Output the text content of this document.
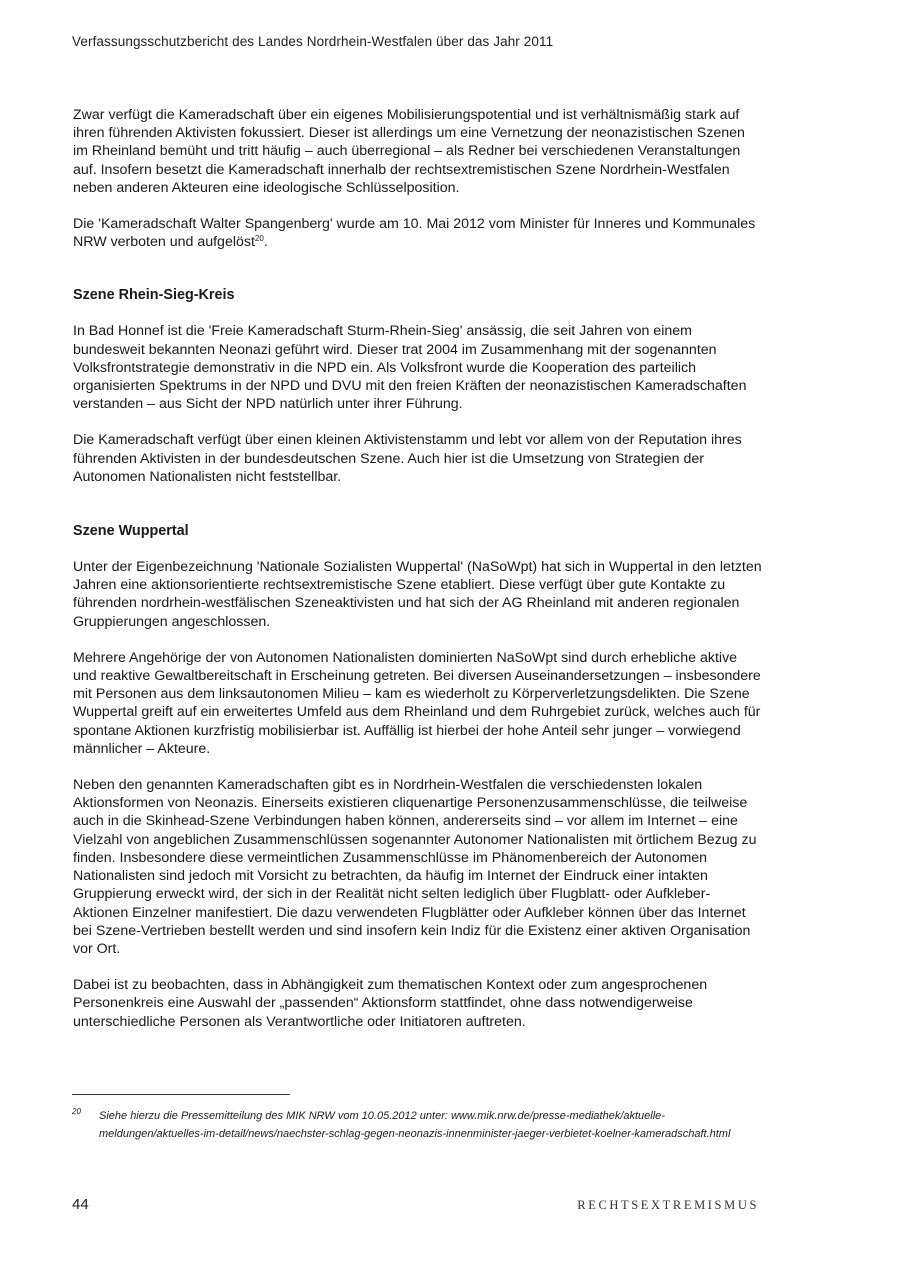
Verfassungsschutzbericht des Landes Nordrhein-Westfalen über das Jahr 2011

Zwar verfügt die Kameradschaft über ein eigenes Mobilisierungspotential und ist verhältnismäßig stark auf ihren führenden Aktivisten fokussiert. Dieser ist allerdings um eine Vernetzung der neonazistischen Szenen im Rheinland bemüht und tritt häufig – auch überregional – als Redner bei verschiedenen Veranstaltungen auf. Insofern besetzt die Kameradschaft innerhalb der rechtsextremistischen Szene Nordrhein-Westfalen neben anderen Akteuren eine ideologische Schlüsselposition.

Die 'Kameradschaft Walter Spangenberg' wurde am 10. Mai 2012 vom Minister für Inneres und Kommunales NRW verboten und aufgelöst$^{20}$.

Szene Rhein-Sieg-Kreis

In Bad Honnef ist die 'Freie Kameradschaft Sturm-Rhein-Sieg' ansässig, die seit Jahren von einem bundesweit bekannten Neonazi geführt wird. Dieser trat 2004 im Zusammenhang mit der sogenannten Volksfrontstrategie demonstrativ in die NPD ein. Als Volksfront wurde die Kooperation des parteilich organisierten Spektrums in der NPD und DVU mit den freien Kräften der neonazistischen Kameradschaften verstanden – aus Sicht der NPD natürlich unter ihrer Führung.

Die Kameradschaft verfügt über einen kleinen Aktivistenstamm und lebt vor allem von der Reputation ihres führenden Aktivisten in der bundesdeutschen Szene. Auch hier ist die Umsetzung von Strategien der Autonomen Nationalisten nicht feststellbar.

Szene Wuppertal

Unter der Eigenbezeichnung 'Nationale Sozialisten Wuppertal' (NaSoWpt) hat sich in Wuppertal in den letzten Jahren eine aktionsorientierte rechtsextremistische Szene etabliert. Diese verfügt über gute Kontakte zu führenden nordrhein-westfälischen Szeneaktivisten und hat sich der AG Rheinland mit anderen regionalen Gruppierungen angeschlossen.

Mehrere Angehörige der von Autonomen Nationalisten dominierten NaSoWpt sind durch erhebliche aktive und reaktive Gewaltbereitschaft in Erscheinung getreten. Bei diversen Auseinandersetzungen – insbesondere mit Personen aus dem linksautonomen Milieu – kam es wiederholt zu Körperverletzungsdelikten. Die Szene Wuppertal greift auf ein erweitertes Umfeld aus dem Rheinland und dem Ruhrgebiet zurück, welches auch für spontane Aktionen kurzfristig mobilisierbar ist. Auffällig ist hierbei der hohe Anteil sehr junger – vorwiegend männlicher – Akteure.

Neben den genannten Kameradschaften gibt es in Nordrhein-Westfalen die verschiedensten lokalen Aktionsformen von Neonazis. Einerseits existieren cliquenartige Personenzusammenschlüsse, die teilweise auch in die Skinhead-Szene Verbindungen haben können, andererseits sind – vor allem im Internet – eine Vielzahl von angeblichen Zusammenschlüssen sogenannter Autonomer Nationalisten mit örtlichem Bezug zu finden. Insbesondere diese vermeintlichen Zusammenschlüsse im Phänomenbereich der Autonomen Nationalisten sind jedoch mit Vorsicht zu betrachten, da häufig im Internet der Eindruck einer intakten Gruppierung erweckt wird, der sich in der Realität nicht selten lediglich über Flugblatt- oder Aufkleber-Aktionen Einzelner manifestiert. Die dazu verwendeten Flugblätter oder Aufkleber können über das Internet bei Szene-Vertrieben bestellt werden und sind insofern kein Indiz für die Existenz einer aktiven Organisation vor Ort.

Dabei ist zu beobachten, dass in Abhängigkeit zum thematischen Kontext oder zum angesprochenen Personenkreis eine Auswahl der „passenden“ Aktionsform stattfindet, ohne dass notwendigerweise unterschiedliche Personen als Verantwortliche oder Initiatoren auftreten.

20 Siehe hierzu die Pressemitteilung des MIK NRW vom 10.05.2012 unter: www.mik.nrw.de/presse-mediathek/aktuelle-meldungen/aktuelles-im-detail/news/naechster-schlag-gegen-neonazis-innenminister-jaeger-verbietet-koelner-kameradschaft.html
44	RECHTSEXTREMISMUS
